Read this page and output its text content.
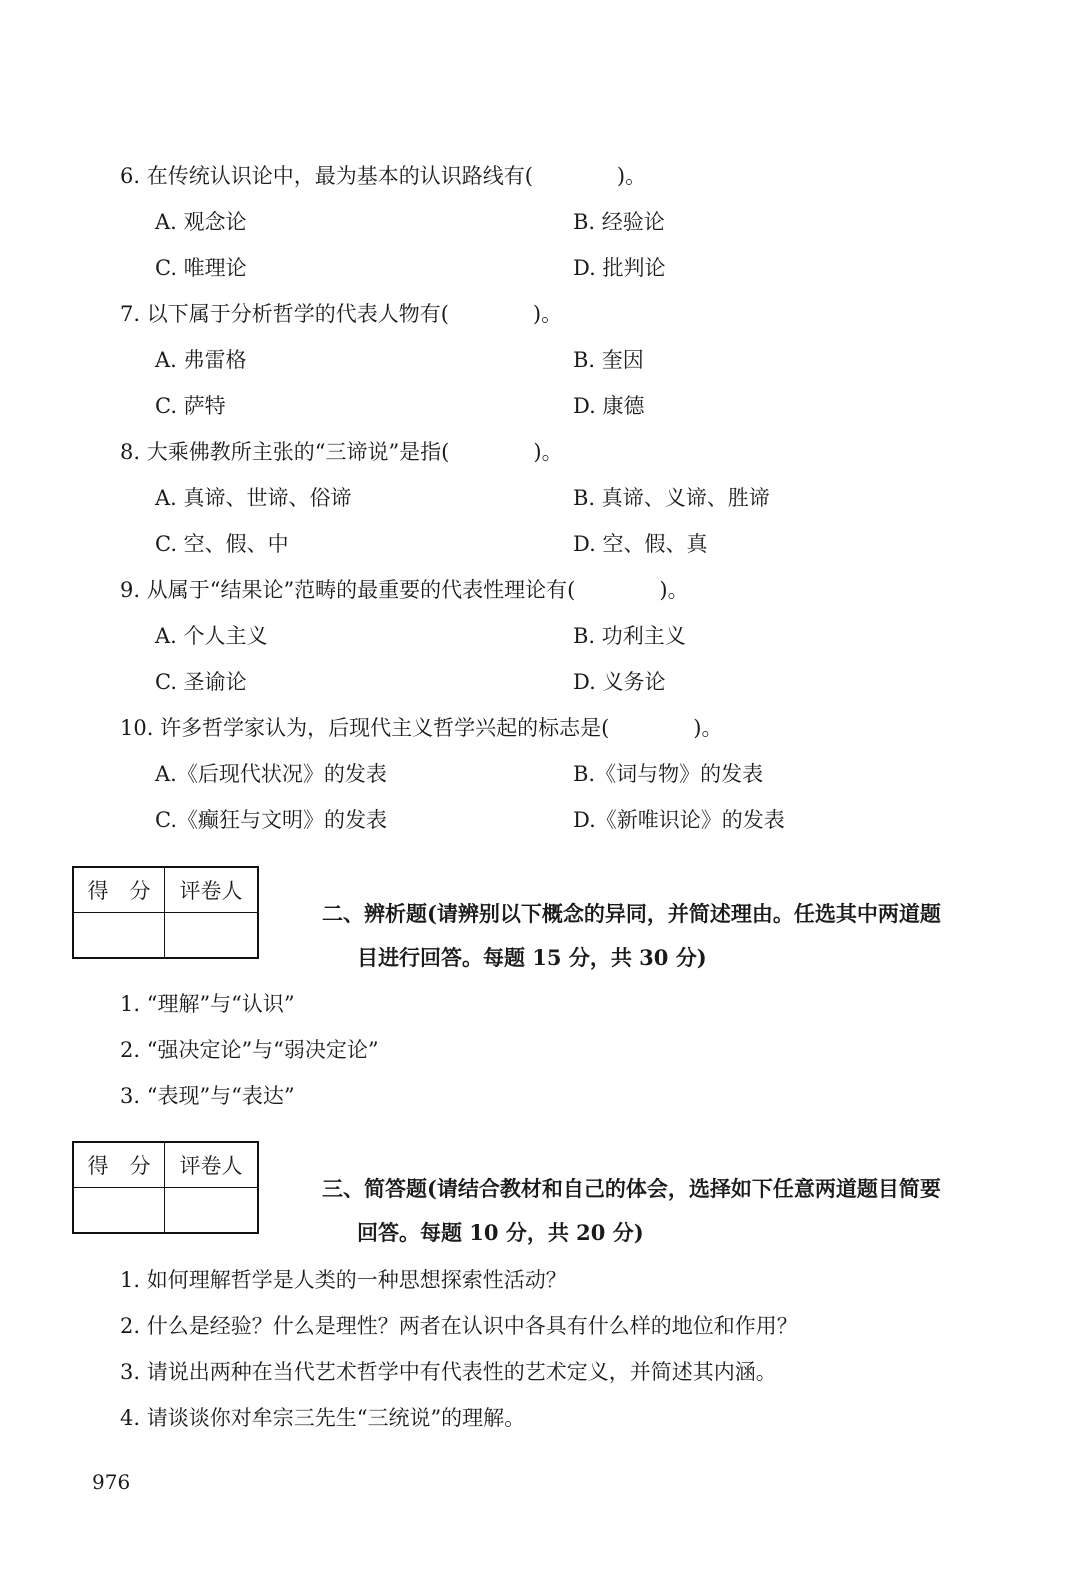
6. 在传统认识论中，最为基本的认识路线有(　　　　)。
A. 观念论	B. 经验论
C. 唯理论	D. 批判论
7. 以下属于分析哲学的代表人物有(　　　　)。
A. 弗雷格	B. 奎因
C. 萨特	D. 康德
8. 大乘佛教所主张的“三谛说”是指(　　　　)。
A. 真谛、世谛、俗谛	B. 真谛、义谛、胜谛
C. 空、假、中	D. 空、假、真
9. 从属于“结果论”范畴的最重要的代表性理论有(　　　　)。
A. 个人主义	B. 功利主义
C. 圣谕论	D. 义务论
10. 许多哲学家认为，后现代主义哲学兴起的标志是(　　　　)。
A.《后现代状况》的发表	B.《词与物》的发表
C.《癫狂与文明》的发表	D.《新唯识论》的发表
得　分	评卷人

二、辨析题(请辨别以下概念的异同，并简述理由。任选其中两道题
目进行回答。每题 15 分，共 30 分)
1. “理解”与“认识”
2. “强决定论”与“弱决定论”
3. “表现”与“表达”
得　分	评卷人

三、简答题(请结合教材和自己的体会，选择如下任意两道题目简要
回答。每题 10 分，共 20 分)
1. 如何理解哲学是人类的一种思想探索性活动？
2. 什么是经验？什么是理性？两者在认识中各具有什么样的地位和作用？
3. 请说出两种在当代艺术哲学中有代表性的艺术定义，并简述其内涵。
4. 请谈谈你对牟宗三先生“三统说”的理解。
976
